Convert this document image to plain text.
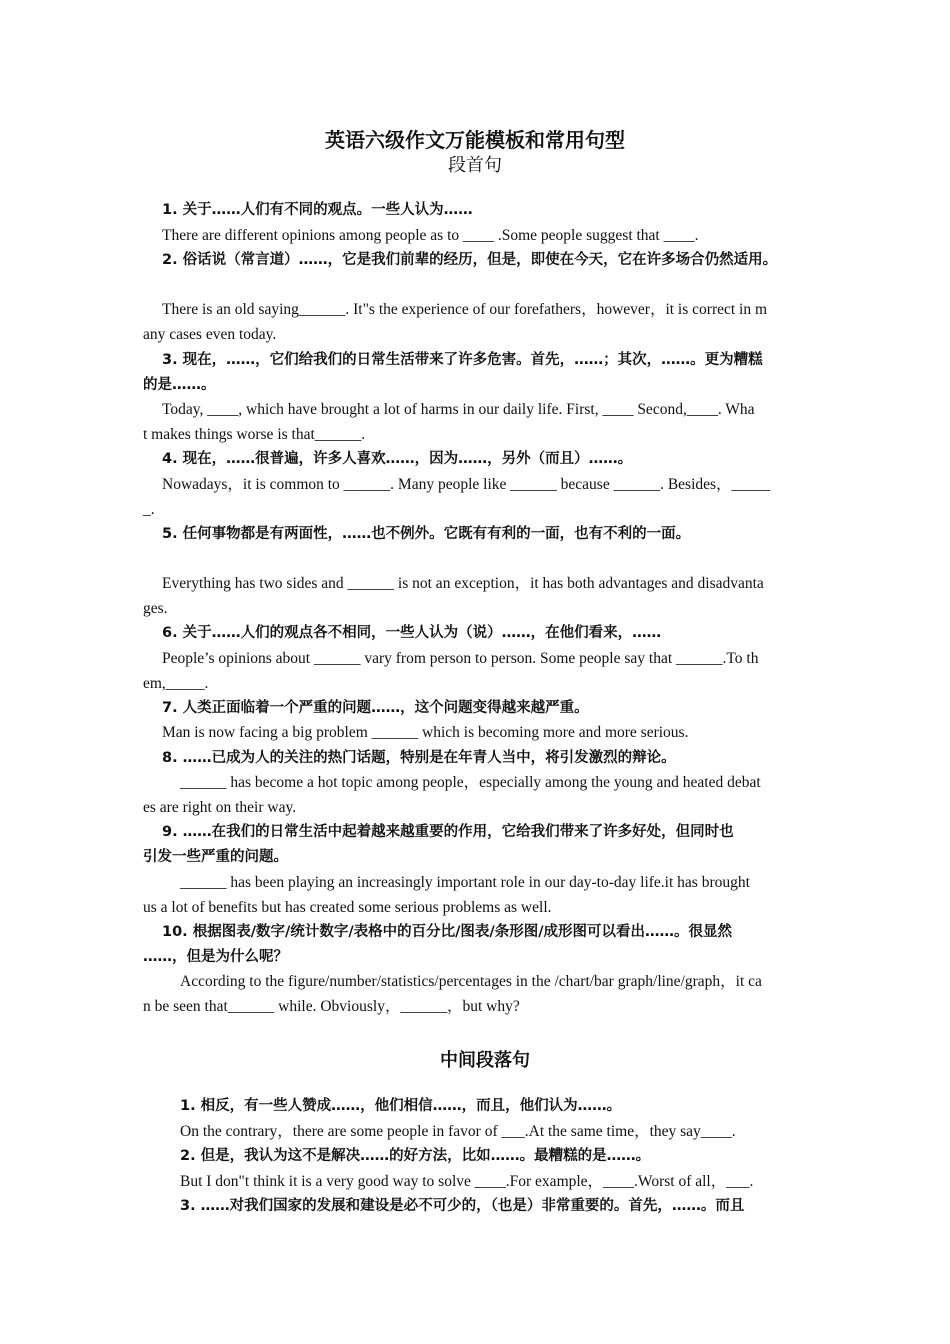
英语六级作文万能模板和常用句型
段首句
中间段落句
1. 关于……人们有不同的观点。一些人认为……
There are different opinions among people as to ____ .Some people suggest that ____.
2. 俗话说（常言道）……，它是我们前辈的经历，但是，即使在今天，它在许多场合仍然适用。
There is an old saying______. It"s the experience of our forefathers，however，it is correct in m
any cases even today.
3. 现在，……，它们给我们的日常生活带来了许多危害。首先，……；其次，……。更为糟糕
的是……。
Today, ____, which have brought a lot of harms in our daily life. First, ____ Second,____. Wha
t makes things worse is that______.
4. 现在，……很普遍，许多人喜欢……，因为……，另外（而且）……。
Nowadays，it is common to ______. Many people like ______ because ______. Besides，_____
_.
5. 任何事物都是有两面性，……也不例外。它既有有利的一面，也有不利的一面。
Everything has two sides and ______ is not an exception，it has both advantages and disadvanta
ges.
6. 关于……人们的观点各不相同，一些人认为（说）……，在他们看来，……
People’s opinions about ______ vary from person to person. Some people say that ______.To th
em,_____.
7. 人类正面临着一个严重的问题……，这个问题变得越来越严重。
Man is now facing a big problem ______ which is becoming more and more serious.
8. ……已成为人的关注的热门话题，特别是在年青人当中，将引发激烈的辩论。
______ has become a hot topic among people，especially among the young and heated debat
es are right on their way.
9. ……在我们的日常生活中起着越来越重要的作用，它给我们带来了许多好处，但同时也
引发一些严重的问题。
______ has been playing an increasingly important role in our day-to-day life.it has brought
us a lot of benefits but has created some serious problems as well.
10. 根据图表/数字/统计数字/表格中的百分比/图表/条形图/成形图可以看出……。很显然
……，但是为什么呢？
According to the figure/number/statistics/percentages in the /chart/bar graph/line/graph，it ca
n be seen that______ while. Obviously，______，but why?
1. 相反，有一些人赞成……，他们相信……，而且，他们认为……。
On the contrary，there are some people in favor of ___.At the same time，they say____.
2. 但是，我认为这不是解决……的好方法，比如……。最糟糕的是……。
But I don"t think it is a very good way to solve ____.For example，____.Worst of all，___.
3. ……对我们国家的发展和建设是必不可少的，（也是）非常重要的。首先，……。而且
